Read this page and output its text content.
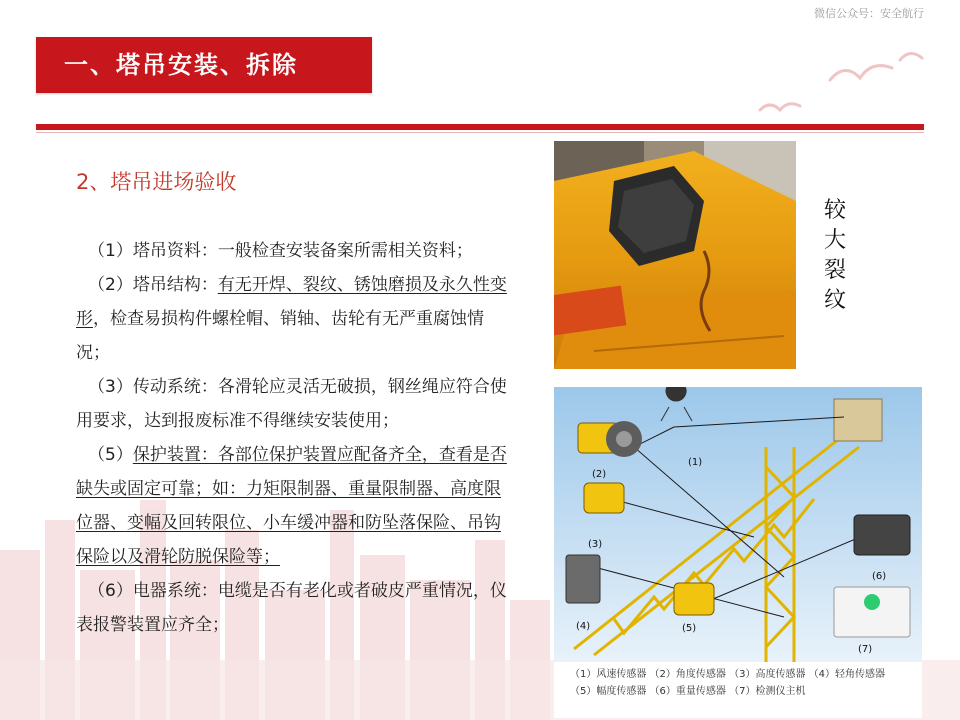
微信公众号：安全航行
一、塔吊安装、拆除
2、塔吊进场验收

（1）塔吊资料：一般检查安装备案所需相关资料；

（2）塔吊结构：有无开焊、裂纹、锈蚀磨损及永久性变形，检查易损构件螺栓帽、销轴、齿轮有无严重腐蚀情况；

（3）传动系统：各滑轮应灵活无破损，钢丝绳应符合使用要求，达到报废标准不得继续安装使用；

（5）保护装置：各部位保护装置应配备齐全，查看是否缺失或固定可靠；如：力矩限制器、重量限制器、高度限位器、变幅及回转限位、小车缓冲器和防坠落保险、吊钩保险以及滑轮防脱保险等；

（6）电器系统：电缆是否有老化或者破皮严重情况，仪表报警装置应齐全；

较大裂纹
(1)
(2)
(3)
(4)	(5)
(6)
(7)
（1）风速传感器 （2）角度传感器 （3）高度传感器 （4）轻角传感器
（5）幅度传感器 （6）重量传感器 （7）检测仪主机
